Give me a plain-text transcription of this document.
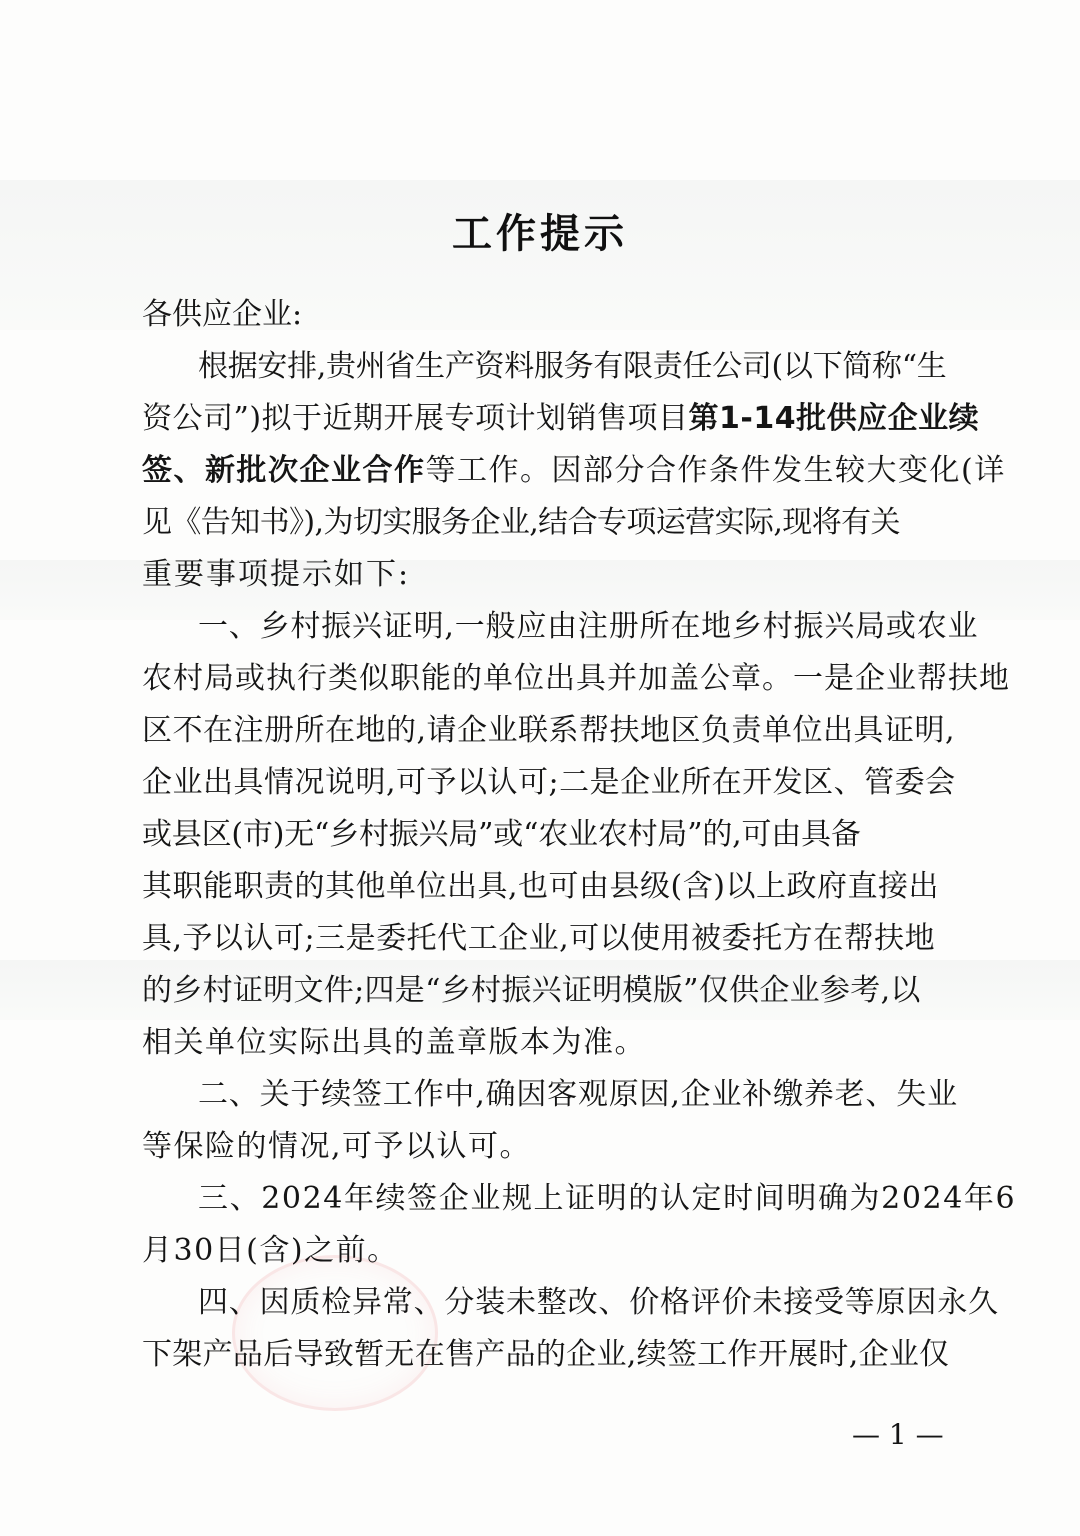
工作提示

各供应企业:

根据安排,贵州省生产资料服务有限责任公司(以下简称“生

资公司”)拟于近期开展专项计划销售项目第1-14批供应企业续

签、新批次企业合作等工作。因部分合作条件发生较大变化(详

见《告知书》),为切实服务企业,结合专项运营实际,现将有关

重要事项提示如下:

一、乡村振兴证明,一般应由注册所在地乡村振兴局或农业

农村局或执行类似职能的单位出具并加盖公章。一是企业帮扶地

区不在注册所在地的,请企业联系帮扶地区负责单位出具证明,

企业出具情况说明,可予以认可;二是企业所在开发区、管委会

或县区(市)无“乡村振兴局”或“农业农村局”的,可由具备

其职能职责的其他单位出具,也可由县级(含)以上政府直接出

具,予以认可;三是委托代工企业,可以使用被委托方在帮扶地

的乡村证明文件;四是“乡村振兴证明模版”仅供企业参考,以

相关单位实际出具的盖章版本为准。

二、关于续签工作中,确因客观原因,企业补缴养老、失业

等保险的情况,可予以认可。

三、2024年续签企业规上证明的认定时间明确为2024年6

月30日(含)之前。

四、因质检异常、分装未整改、价格评价未接受等原因永久

下架产品后导致暂无在售产品的企业,续签工作开展时,企业仅

— 1 —
